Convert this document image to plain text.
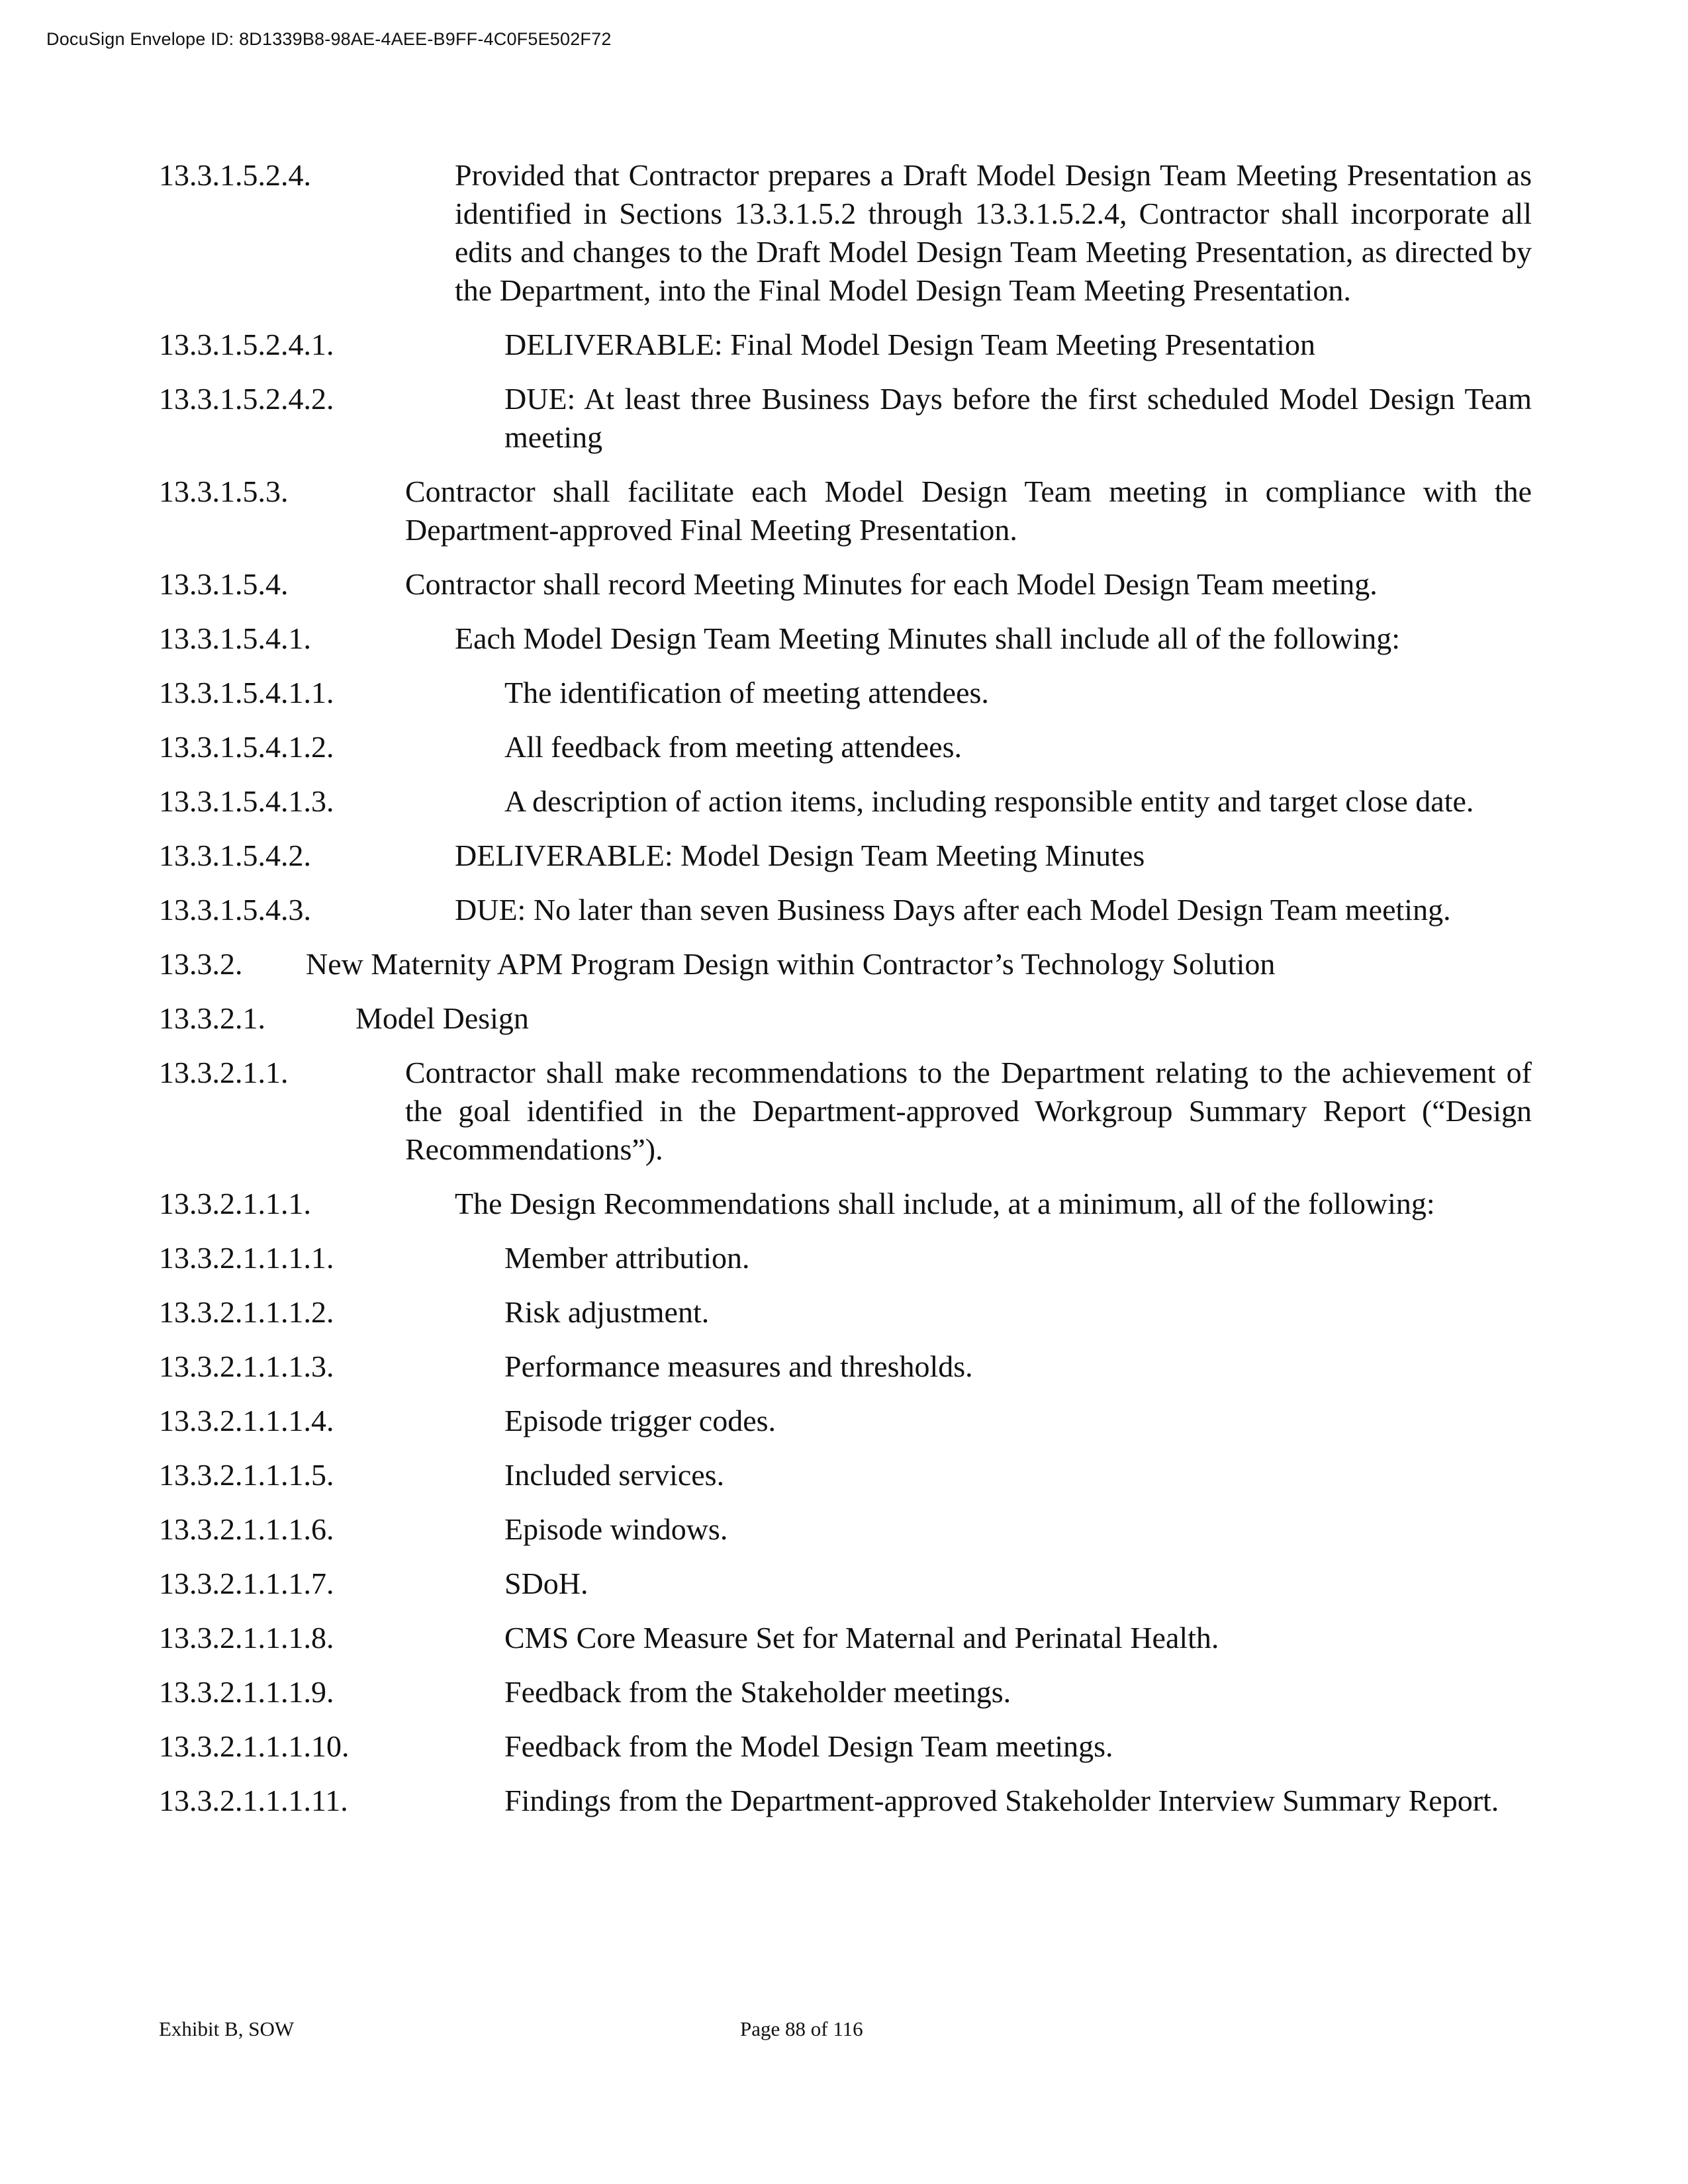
DocuSign Envelope ID: 8D1339B8-98AE-4AEE-B9FF-4C0F5E502F72
13.3.1.5.2.4.	Provided that Contractor prepares a Draft Model Design Team Meeting Presentation as identified in Sections 13.3.1.5.2 through 13.3.1.5.2.4, Contractor shall incorporate all edits and changes to the Draft Model Design Team Meeting Presentation, as directed by the Department, into the Final Model Design Team Meeting Presentation.
13.3.1.5.2.4.1.	DELIVERABLE: Final Model Design Team Meeting Presentation
13.3.1.5.2.4.2.	DUE: At least three Business Days before the first scheduled Model Design Team meeting
13.3.1.5.3.	Contractor shall facilitate each Model Design Team meeting in compliance with the Department-approved Final Meeting Presentation.
13.3.1.5.4.	Contractor shall record Meeting Minutes for each Model Design Team meeting.
13.3.1.5.4.1.	Each Model Design Team Meeting Minutes shall include all of the following:
13.3.1.5.4.1.1.	The identification of meeting attendees.
13.3.1.5.4.1.2.	All feedback from meeting attendees.
13.3.1.5.4.1.3.	A description of action items, including responsible entity and target close date.
13.3.1.5.4.2.	DELIVERABLE: Model Design Team Meeting Minutes
13.3.1.5.4.3.	DUE: No later than seven Business Days after each Model Design Team meeting.
13.3.2. New Maternity APM Program Design within Contractor’s Technology Solution
13.3.2.1.	Model Design
13.3.2.1.1.	Contractor shall make recommendations to the Department relating to the achievement of the goal identified in the Department-approved Workgroup Summary Report (“Design Recommendations”).
13.3.2.1.1.1.	The Design Recommendations shall include, at a minimum, all of the following:
13.3.2.1.1.1.1.	Member attribution.
13.3.2.1.1.1.2.	Risk adjustment.
13.3.2.1.1.1.3.	Performance measures and thresholds.
13.3.2.1.1.1.4.	Episode trigger codes.
13.3.2.1.1.1.5.	Included services.
13.3.2.1.1.1.6.	Episode windows.
13.3.2.1.1.1.7.	SDoH.
13.3.2.1.1.1.8.	CMS Core Measure Set for Maternal and Perinatal Health.
13.3.2.1.1.1.9.	Feedback from the Stakeholder meetings.
13.3.2.1.1.1.10.	Feedback from the Model Design Team meetings.
13.3.2.1.1.1.11.	Findings from the Department-approved Stakeholder Interview Summary Report.
Exhibit B, SOW	Page 88 of 116
